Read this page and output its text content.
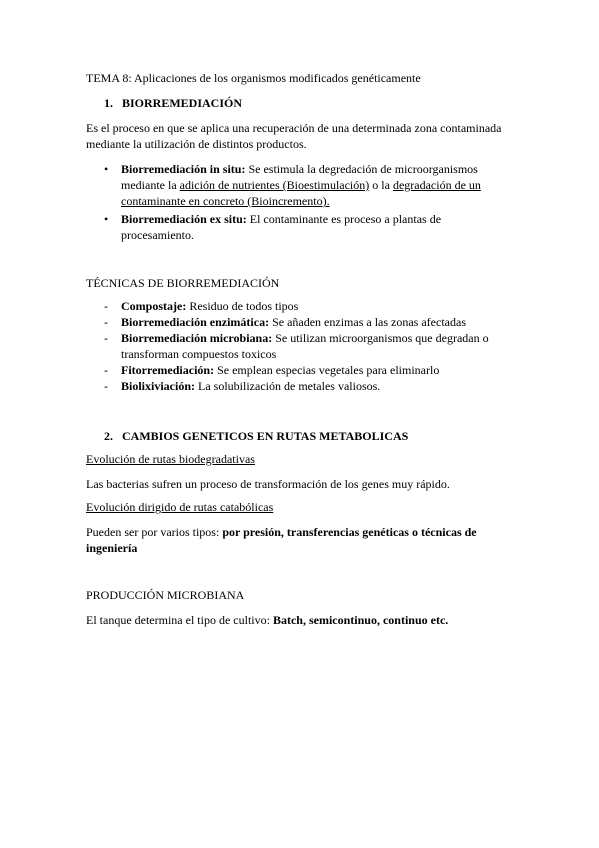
TEMA 8: Aplicaciones de los organismos modificados genéticamente

1. BIORREMEDIACIÓN

Es el proceso en que se aplica una recuperación de una determinada zona contaminada mediante la utilización de distintos productos.

• Biorremediación in situ: Se estimula la degredación de microorganismos mediante la adición de nutrientes (Bioestimulación) o la degradación de un contaminante en concreto (Bioincremento).
• Biorremediación ex situ: El contaminante es proceso a plantas de procesamiento.

TÉCNICAS DE BIORREMEDIACIÓN

- Compostaje: Residuo de todos tipos
- Biorremediación enzimática: Se añaden enzimas a las zonas afectadas
- Biorremediación microbiana: Se utilizan microorganismos que degradan o transforman compuestos toxicos
- Fitorremediación: Se emplean especias vegetales para eliminarlo
- Biolixiviación: La solubilización de metales valiosos.

2. CAMBIOS GENETICOS EN RUTAS METABOLICAS

Evolución de rutas biodegradativas

Las bacterias sufren un proceso de transformación de los genes muy rápido.

Evolución dirigido de rutas catabólicas

Pueden ser por varios tipos: por presión, transferencias genéticas o técnicas de ingeniería

PRODUCCIÓN MICROBIANA

El tanque determina el tipo de cultivo: Batch, semicontinuo, continuo etc.
